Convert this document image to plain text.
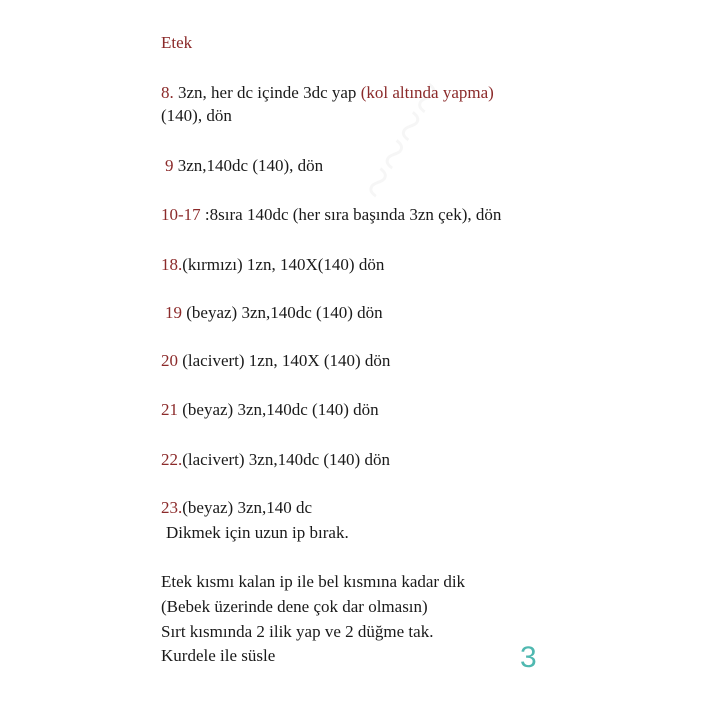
Etek
8. 3zn, her dc içinde 3dc yap (kol altında yapma)
(140), dön
9 3zn,140dc (140), dön
10-17 :8sıra 140dc (her sıra başında 3zn çek), dön
18.(kırmızı) 1zn, 140X(140) dön
19 (beyaz) 3zn,140dc (140) dön
20 (lacivert) 1zn, 140X (140) dön
21 (beyaz) 3zn,140dc (140) dön
22.(lacivert) 3zn,140dc (140) dön
23.(beyaz) 3zn,140 dc
Dikmek için uzun ip bırak.
Etek kısmı kalan ip ile bel kısmına kadar dik
(Bebek üzerinde dene çok dar olmasın)
Sırt kısmında 2 ilik yap ve 2 düğme tak.
Kurdele ile süsle	3
